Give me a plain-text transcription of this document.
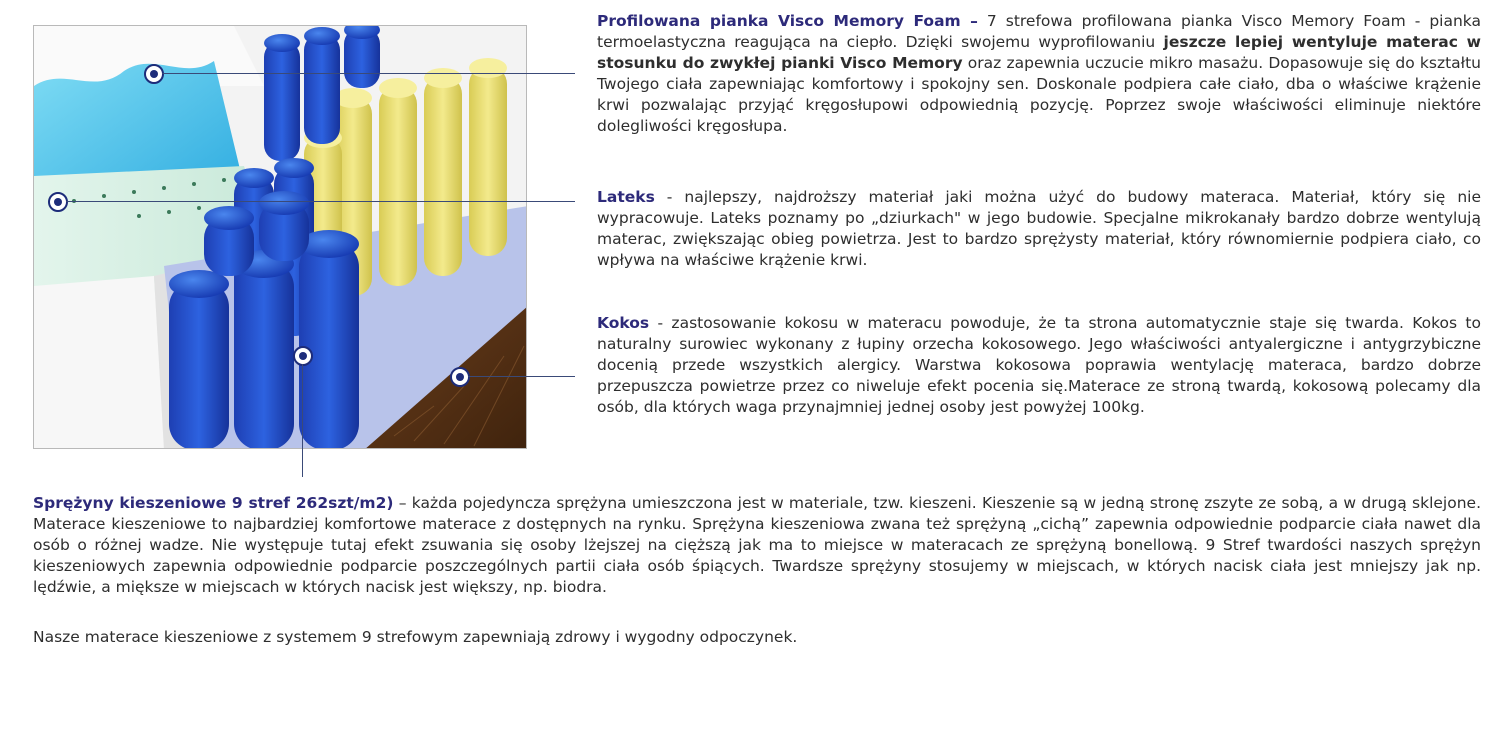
Profilowana pianka Visco Memory Foam – 7 strefowa profilowana pianka Visco Memory Foam - pianka termoelastyczna reagująca na ciepło. Dzięki swojemu wyprofilowaniu jeszcze lepiej wentyluje materac w stosunku do zwykłej pianki Visco Memory oraz zapewnia uczucie mikro masażu. Dopasowuje się do kształtu Twojego ciała zapewniając komfortowy i spokojny sen. Doskonale podpiera całe ciało, dba o właściwe krążenie krwi pozwalając przyjąć kręgosłupowi odpowiednią pozycję. Poprzez swoje właściwości eliminuje niektóre dolegliwości kręgosłupa.

Lateks - najlepszy, najdroższy materiał jaki można użyć do budowy materaca. Materiał, który się nie wypracowuje. Lateks poznamy po „dziurkach" w jego budowie. Specjalne mikrokanały bardzo dobrze wentylują materac, zwiększając obieg powietrza. Jest to bardzo sprężysty materiał, który równomiernie podpiera ciało, co wpływa na właściwe krążenie krwi.

Kokos - zastosowanie kokosu w materacu powoduje, że ta strona automatycznie staje się twarda. Kokos to naturalny surowiec wykonany z łupiny orzecha kokosowego. Jego właściwości antyalergiczne i antygrzybiczne docenią przede wszystkich alergicy. Warstwa kokosowa poprawia wentylację materaca, bardzo dobrze przepuszcza powietrze przez co niweluje efekt pocenia się.Materace ze stroną twardą, kokosową polecamy dla osób, dla których waga przynajmniej jednej osoby jest powyżej 100kg.

Sprężyny kieszeniowe 9 stref 262szt/m2) – każda pojedyncza sprężyna umieszczona jest w materiale, tzw. kieszeni. Kieszenie są w jedną stronę zszyte ze sobą, a w drugą sklejone. Materace kieszeniowe to najbardziej komfortowe materace z dostępnych na rynku. Sprężyna kieszeniowa zwana też sprężyną „cichą” zapewnia odpowiednie podparcie ciała nawet dla osób o różnej wadze. Nie występuje tutaj efekt zsuwania się osoby lżejszej na cięższą jak ma to miejsce w materacach ze sprężyną bonellową. 9 Stref twardości naszych sprężyn kieszeniowych zapewnia odpowiednie podparcie poszczególnych partii ciała osób śpiących. Twardsze sprężyny stosujemy w miejscach, w których nacisk ciała jest mniejszy jak np. lędźwie, a miększe w miejscach w których nacisk jest większy, np. biodra.

Nasze materace kieszeniowe z systemem 9 strefowym zapewniają zdrowy i wygodny odpoczynek.
